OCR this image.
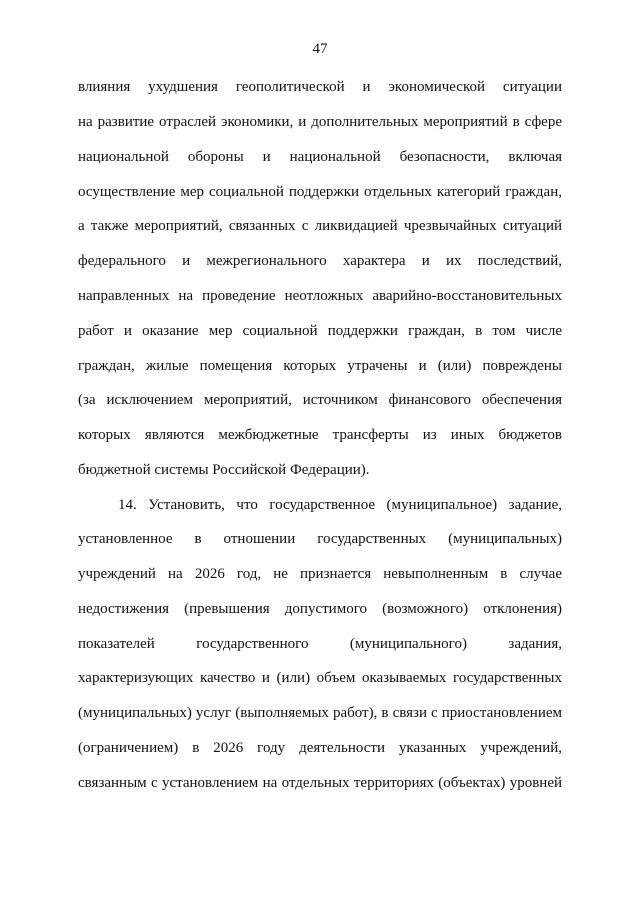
47
влияния ухудшения геополитической и экономической ситуации
на развитие отраслей экономики, и дополнительных мероприятий в сфере
национальной обороны и национальной безопасности, включая
осуществление мер социальной поддержки отдельных категорий граждан,
а также мероприятий, связанных с ликвидацией чрезвычайных ситуаций
федерального и межрегионального характера и их последствий,
направленных на проведение неотложных аварийно-восстановительных
работ и оказание мер социальной поддержки граждан, в том числе
граждан, жилые помещения которых утрачены и (или) повреждены
(за исключением мероприятий, источником финансового обеспечения
которых являются межбюджетные трансферты из иных бюджетов
бюджетной системы Российской Федерации).
14. Установить, что государственное (муниципальное) задание,
установленное в отношении государственных (муниципальных)
учреждений на 2026 год, не признается невыполненным в случае
недостижения (превышения допустимого (возможного) отклонения)
показателей государственного (муниципального) задания,
характеризующих качество и (или) объем оказываемых государственных
(муниципальных) услуг (выполняемых работ), в связи с приостановлением
(ограничением) в 2026 году деятельности указанных учреждений,
связанным с установлением на отдельных территориях (объектах) уровней
